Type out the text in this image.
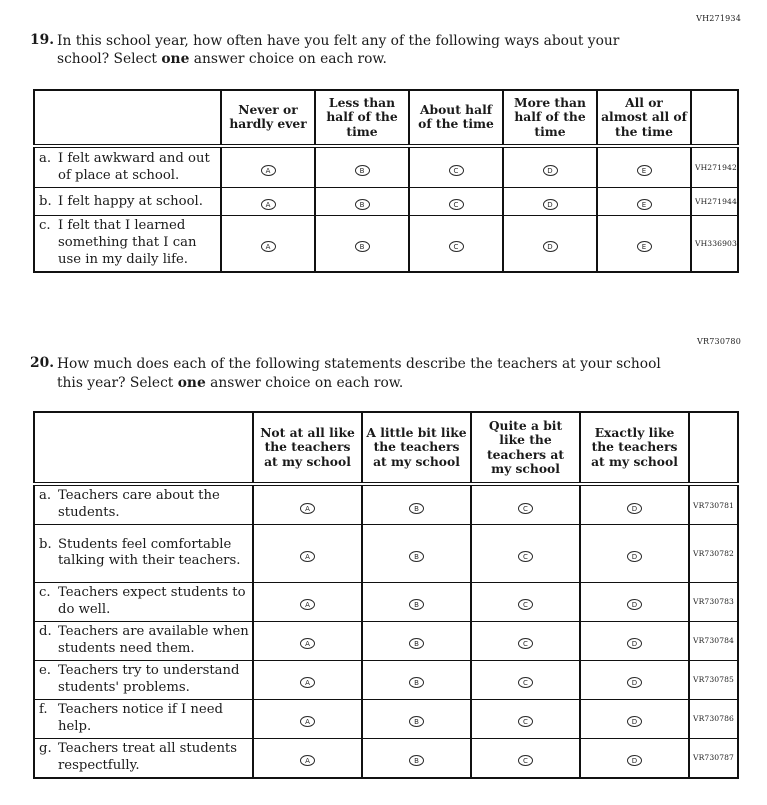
VH271934
19. In this school year, how often have you felt any of the following ways about your
school? Select one answer choice on each row.
	Never or hardly ever	Less than half of the time	About half of the time	More than half of the time	All or almost all of the time	

a. I felt awkward and out of place at school.	A	B	C	D	E	VH271942

b. I felt happy at school.	A	B	C	D	E	VH271944

c. I felt that I learned something that I can use in my daily life.	A	B	C	D	E	VH336903
VR730780
20. How much does each of the following statements describe the teachers at your school
this year? Select one answer choice on each row.
	Not at all like the teachers at my school	A little bit like the teachers at my school	Quite a bit like the teachers at my school	Exactly like the teachers at my school	

a. Teachers care about the students.	A	B	C	D	VR730781

b. Students feel comfortable talking with their teachers.	A	B	C	D	VR730782

c. Teachers expect students to do well.	A	B	C	D	VR730783

d. Teachers are available when students need them.	A	B	C	D	VR730784

e. Teachers try to understand students' problems.	A	B	C	D	VR730785

f. Teachers notice if I need help.	A	B	C	D	VR730786

g. Teachers treat all students respectfully.	A	B	C	D	VR730787
